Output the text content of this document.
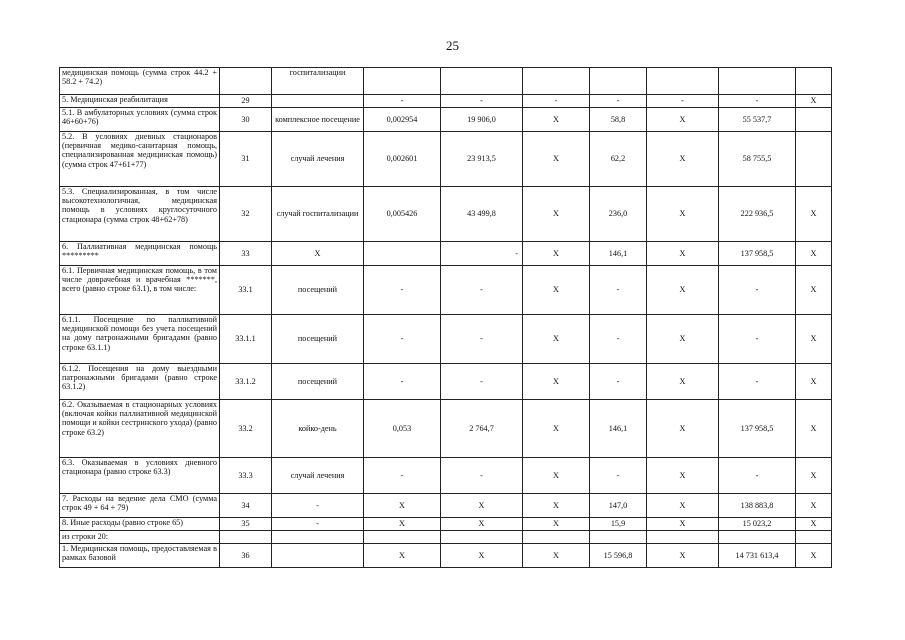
25
медицинская помощь (сумма строк 44.2 + 58.2 + 74.2)		госпитализации							
5. Медицинская реабилитация	29		-	-	-	-	-	-	Х
5.1. В амбулаторных условиях (сумма строк 46+60+76)	30	комплексное посещение	0,002954	19 906,0	Х	58,8	Х	55 537,7	
5.2. В условиях дневных стационаров (первичная медико-санитарная помощь, специализированная медицинская помощь) (сумма строк 47+61+77)	31	случай лечения	0,002601	23 913,5	Х	62,2	Х	58 755,5	
5.3. Специализированная, в том числе высокотехнологичная, медицинская помощь в условиях круглосуточного стационара (сумма строк 48+62+78)	32	случай госпитализации	0,005426	43 499,8	Х	236,0	Х	222 936,5	Х
6. Паллиативная медицинская помощь *********	33	Х		-	Х	146,1	Х	137 958,5	Х
6.1. Первичная медицинская помощь, в том числе доврачебная и врачебная *******, всего (равно строке 63.1), в том числе:	33.1	посещений	-	-	Х	-	Х	-	Х
6.1.1. Посещение по паллиативной медицинской помощи без учета посещений на дому патронажными бригадами (равно строке 63.1.1)	33.1.1	посещений	-	-	Х	-	Х	-	Х
6.1.2. Посещения на дому выездными патронажными бригадами (равно строке 63.1.2)	33.1.2	посещений	-	-	Х	-	Х	-	Х
6.2. Оказываемая в стационарных условиях (включая койки паллиативной медицинской помощи и койки сестринского ухода) (равно строке 63.2)	33.2	койко-день	0,053	2 764,7	Х	146,1	Х	137 958,5	Х
6.3. Оказываемая в условиях дневного стационара (равно строке 63.3)	33.3	случай лечения	-	-	Х	-	Х	-	Х
7. Расходы на ведение дела СМО (сумма строк 49 + 64 + 79)	34	-	Х	Х	Х	147,0	Х	138 883,8	Х
8. Иные расходы (равно строке 65)	35	-	Х	Х	Х	15,9	Х	15 023,2	Х
из строки 20:									
1. Медицинская помощь, предоставляемая в рамках базовой	36		Х	Х	Х	15 596,8	Х	14 731 613,4	Х
